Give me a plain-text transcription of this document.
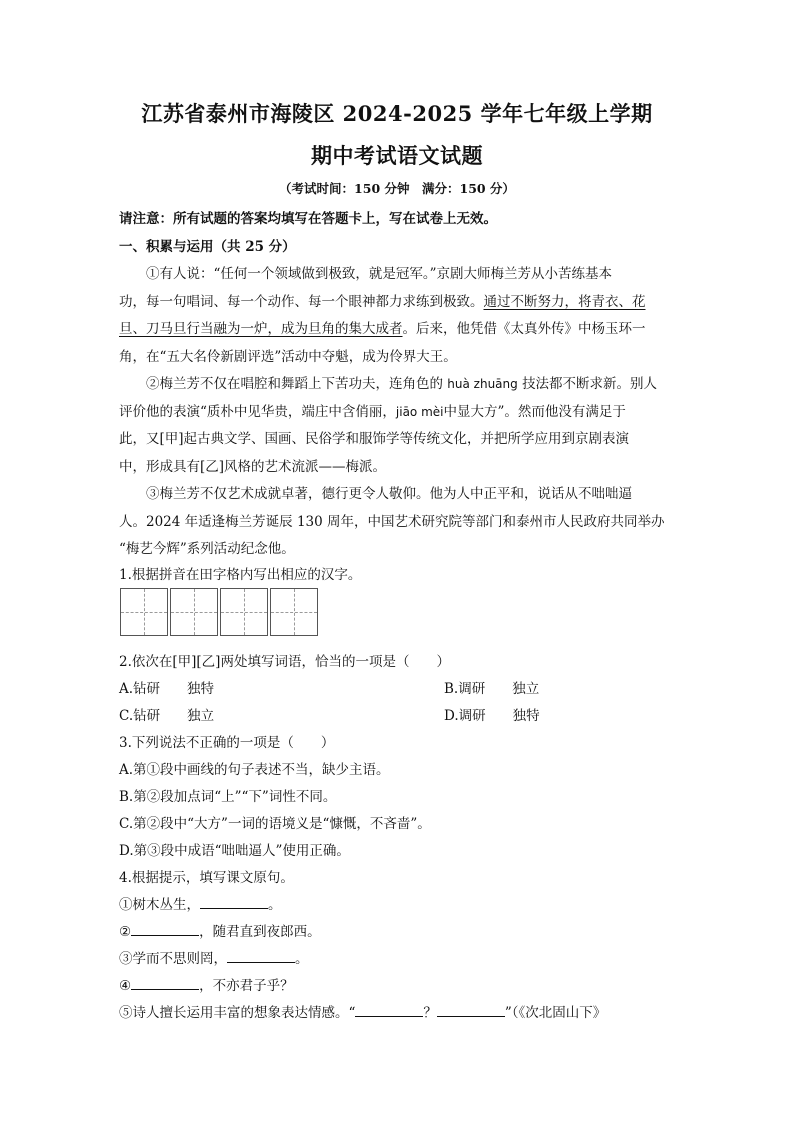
江苏省泰州市海陵区 2024-2025 学年七年级上学期
期中考试语文试题
（考试时间：150 分钟　满分：150 分）
请注意：所有试题的答案均填写在答题卡上，写在试卷上无效。
一、积累与运用（共 25 分）
①有人说：“任何一个领域做到极致，就是冠军。”京剧大师梅兰芳从小苦练基本
功，每一句唱词、每一个动作、每一个眼神都力求练到极致。通过不断努力，将青衣、花
旦、刀马旦行当融为一炉，成为旦角的集大成者。后来，他凭借《太真外传》中杨玉环一
角，在“五大名伶新剧评选”活动中夺魁，成为伶界大王。
②梅兰芳不仅在唱腔和舞蹈上下苦功夫，连角色的 huà zhuāng 技法都不断求新。别人
评价他的表演“质朴中见华贵，端庄中含俏丽，jiāo mèi中显大方”。然而他没有满足于
此，又[甲]起古典文学、国画、民俗学和服饰学等传统文化，并把所学应用到京剧表演
中，形成具有[乙]风格的艺术流派——梅派。
③梅兰芳不仅艺术成就卓著，德行更令人敬仰。他为人中正平和，说话从不咄咄逼
人。2024 年适逢梅兰芳诞辰 130 周年，中国艺术研究院等部门和泰州市人民政府共同举办
“梅艺今辉”系列活动纪念他。
1.根据拼音在田字格内写出相应的汉字。
2.依次在[甲][乙]两处填写词语，恰当的一项是（　　）
A.钻研　　独特	B.调研　　独立
C.钻研　　独立	D.调研　　独特
3.下列说法不正确的一项是（　　）
A.第①段中画线的句子表述不当，缺少主语。
B.第②段加点词“上”“下”词性不同。
C.第②段中“大方”一词的语境义是“慷慨，不吝啬”。
D.第③段中成语“咄咄逼人”使用正确。
4.根据提示，填写课文原句。
①树木丛生，	。
②	，随君直到夜郎西。
③学而不思则罔，	。
④	，不亦君子乎？
⑤诗人擅长运用丰富的想象表达情感。“	？	”（《次北固山下》
